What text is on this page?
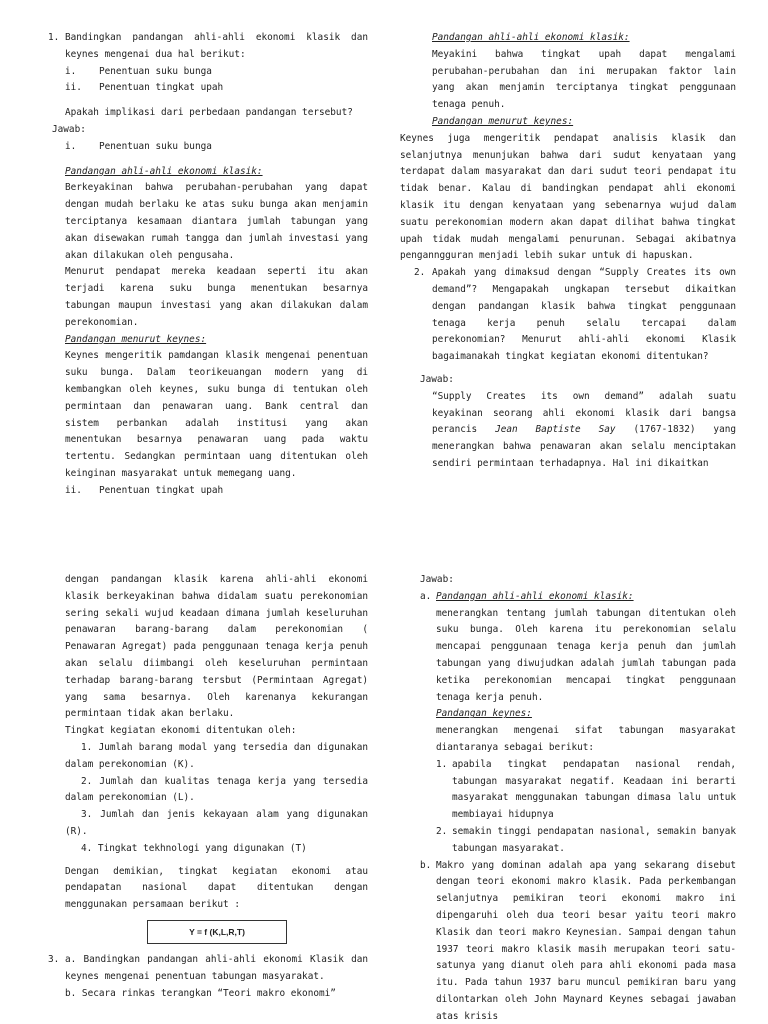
1. Bandingkan pandangan ahli-ahli ekonomi klasik dan keynes mengenai dua hal berikut:

i.	Penentuan suku bunga
ii.	Penentuan tingkat upah

Apakah implikasi dari perbedaan pandangan tersebut?

Jawab:

i.	Penentuan suku bunga

Pandangan ahli-ahli ekonomi klasik:

Berkeyakinan bahwa perubahan-perubahan yang dapat dengan mudah berlaku ke atas suku bunga akan menjamin terciptanya kesamaan diantara jumlah tabungan yang akan disewakan rumah tangga dan jumlah investasi yang akan dilakukan oleh pengusaha.

Menurut pendapat mereka keadaan seperti itu akan terjadi karena suku bunga menentukan besarnya tabungan maupun investasi yang akan dilakukan dalam perekonomian.

Pandangan menurut keynes:

Keynes mengeritik pamdangan klasik mengenai penentuan suku bunga. Dalam teorikeuangan modern yang di kembangkan oleh keynes, suku bunga di tentukan oleh permintaan dan penawaran uang. Bank central dan sistem perbankan adalah institusi yang akan menentukan besarnya penawaran uang pada waktu tertentu. Sedangkan permintaan uang ditentukan oleh keinginan masyarakat untuk memegang uang.

ii.	Penentuan tingkat upah

Pandangan ahli-ahli ekonomi klasik:

Meyakini bahwa tingkat upah dapat mengalami perubahan-perubahan dan ini merupakan faktor lain yang akan menjamin terciptanya tingkat penggunaan tenaga penuh.

Pandangan menurut keynes:

Keynes juga mengeritik pendapat analisis klasik dan selanjutnya menunjukan bahwa dari sudut kenyataan yang terdapat dalam masyarakat dan dari sudut teori pendapat itu tidak benar. Kalau di bandingkan pendapat ahli ekonomi klasik itu dengan kenyataan yang sebenarnya wujud dalam suatu perekonomian modern akan dapat dilihat bahwa tingkat upah tidak mudah mengalami penurunan. Sebagai akibatnya penganngguran menjadi lebih sukar untuk di hapuskan.

2. Apakah yang dimaksud dengan “Supply Creates its own demand”? Mengapakah ungkapan tersebut dikaitkan dengan pandangan klasik bahwa tingkat penggunaan tenaga kerja penuh selalu tercapai dalam perekonomian? Menurut ahli-ahli ekonomi Klasik bagaimanakah tingkat kegiatan ekonomi ditentukan?

Jawab:

“Supply Creates its own demand” adalah suatu keyakinan seorang ahli ekonomi klasik dari bangsa perancis Jean Baptiste Say (1767-1832) yang menerangkan bahwa penawaran akan selalu menciptakan sendiri permintaan terhadapnya. Hal ini dikaitkan

dengan pandangan klasik karena ahli-ahli ekonomi klasik berkeyakinan bahwa didalam suatu perekonomian sering sekali wujud keadaan dimana jumlah keseluruhan penawaran barang-barang dalam perekonomian ( Penawaran Agregat) pada penggunaan tenaga kerja penuh akan selalu diimbangi oleh keseluruhan permintaan terhadap barang-barang tersbut (Permintaan Agregat) yang sama besarnya. Oleh karenanya kekurangan permintaan tidak akan berlaku.

Tingkat kegiatan ekonomi ditentukan oleh:

1. Jumlah barang modal yang tersedia dan digunakan dalam perekonomian (K).

2. Jumlah dan kualitas tenaga kerja yang tersedia dalam perekonomian (L).

3. Jumlah dan jenis kekayaan alam yang digunakan (R).

4. Tingkat tekhnologi yang digunakan (T)

Dengan demikian, tingkat kegiatan ekonomi atau pendapatan nasional dapat ditentukan dengan menggunakan persamaan berikut :

Y = f (K,L,R,T)
3. a. Bandingkan pandangan ahli-ahli ekonomi Klasik dan keynes mengenai penentuan tabungan masyarakat.

b. Secara rinkas terangkan “Teori makro ekonomi”

Jawab:

a. Pandangan ahli-ahli ekonomi klasik:

menerangkan tentang jumlah tabungan ditentukan oleh suku bunga. Oleh karena itu perekonomian selalu mencapai penggunaan tenaga kerja penuh dan jumlah tabungan yang diwujudkan adalah jumlah tabungan pada ketika perekonomian mencapai tingkat penggunaan tenaga kerja penuh.

Pandangan keynes:

menerangkan mengenai sifat tabungan masyarakat diantaranya sebagai berikut:

1. apabila tingkat pendapatan nasional rendah, tabungan masyarakat negatif. Keadaan ini berarti masyarakat menggunakan tabungan dimasa lalu untuk membiayai hidupnya

2. semakin tinggi pendapatan nasional, semakin banyak tabungan masyarakat.

b. Makro yang dominan adalah apa yang sekarang disebut dengan teori ekonomi makro klasik. Pada perkembangan selanjutnya pemikiran teori ekonomi makro ini dipengaruhi oleh dua teori besar yaitu teori makro Klasik dan teori makro Keynesian. Sampai dengan tahun 1937 teori makro klasik masih merupakan teori satu-satunya yang dianut oleh para ahli ekonomi pada masa itu. Pada tahun 1937 baru muncul pemikiran baru yang dilontarkan oleh John Maynard Keynes sebagai jawaban atas krisis
